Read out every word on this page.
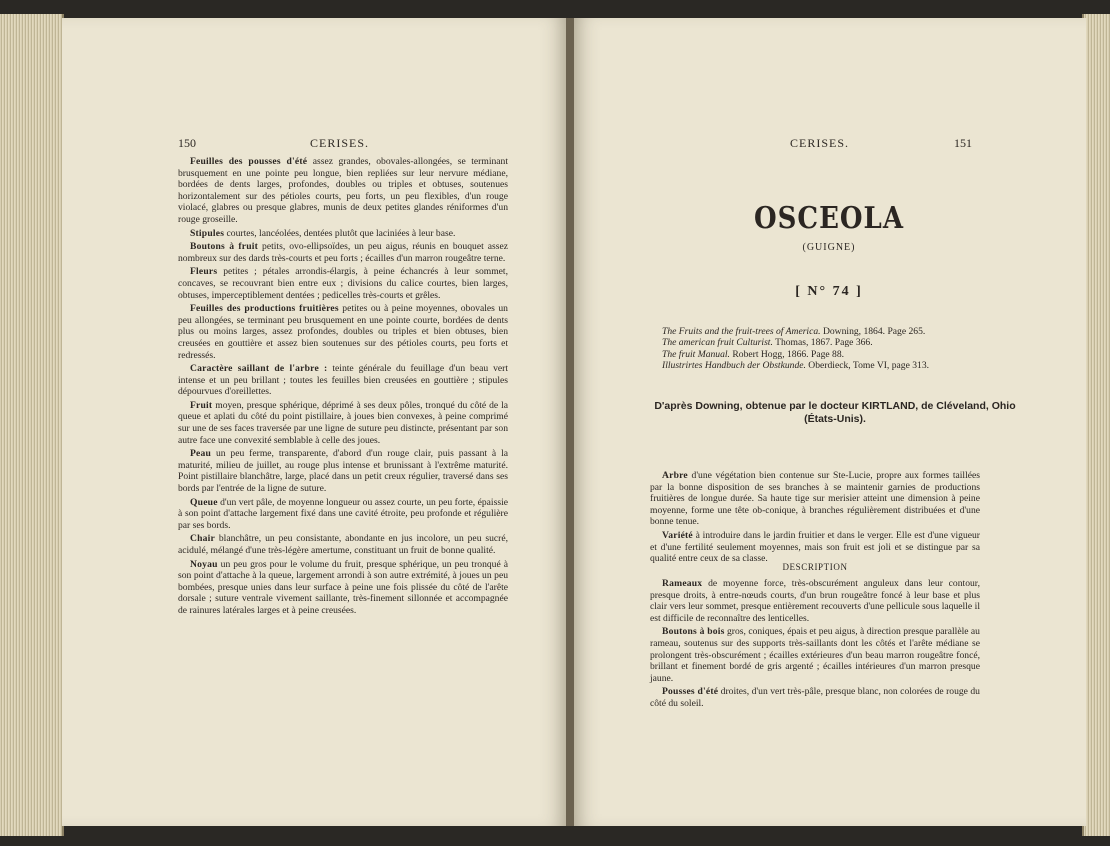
150	CERISES.

Feuilles des pousses d'été assez grandes, obovales-allongées, se terminant brusquement en une pointe peu longue, bien repliées sur leur nervure médiane, bordées de dents larges, profondes, doubles ou triples et obtuses, soutenues horizontalement sur des pétioles courts, peu forts, un peu flexibles, d'un rouge violacé, glabres ou presque glabres, munis de deux petites glandes réniformes d'un rouge groseille.

Stipules courtes, lancéolées, dentées plutôt que laciniées à leur base.

Boutons à fruit petits, ovo-ellipsoïdes, un peu aigus, réunis en bouquet assez nombreux sur des dards très-courts et peu forts ; écailles d'un marron rougeâtre terne.

Fleurs petites ; pétales arrondis-élargis, à peine échancrés à leur sommet, concaves, se recouvrant bien entre eux ; divisions du calice courtes, bien larges, obtuses, imperceptiblement dentées ; pedicelles très-courts et grêles.

Feuilles des productions fruitières petites ou à peine moyennes, obovales un peu allongées, se terminant peu brusquement en une pointe courte, bordées de dents plus ou moins larges, assez profondes, doubles ou triples et bien obtuses, bien creusées en gouttière et assez bien soutenues sur des pétioles courts, peu forts et redressés.

Caractère saillant de l'arbre : teinte générale du feuillage d'un beau vert intense et un peu brillant ; toutes les feuilles bien creusées en gouttière ; stipules dépourvues d'oreillettes.

Fruit moyen, presque sphérique, déprimé à ses deux pôles, tronqué du côté de la queue et aplati du côté du point pistillaire, à joues bien convexes, à peine comprimé sur une de ses faces traversée par une ligne de suture peu distincte, présentant par son autre face une convexité semblable à celle des joues.

Peau un peu ferme, transparente, d'abord d'un rouge clair, puis passant à la maturité, milieu de juillet, au rouge plus intense et brunissant à l'extrême maturité. Point pistillaire blanchâtre, large, placé dans un petit creux régulier, traversé dans ses bords par l'entrée de la ligne de suture.

Queue d'un vert pâle, de moyenne longueur ou assez courte, un peu forte, épaissie à son point d'attache largement fixé dans une cavité étroite, peu profonde et régulière par ses bords.

Chair blanchâtre, un peu consistante, abondante en jus incolore, un peu sucré, acidulé, mélangé d'une très-légère amertume, constituant un fruit de bonne qualité.

Noyau un peu gros pour le volume du fruit, presque sphérique, un peu tronqué à son point d'attache à la queue, largement arrondi à son autre extrémité, à joues un peu bombées, presque unies dans leur surface à peine une fois plissée du côté de l'arête dorsale ; suture ventrale vivement saillante, très-finement sillonnée et accompagnée de rainures latérales larges et à peine creusées.

CERISES.	151
OSCEOLA
(GUIGNE)
[ N° 74 ]
The Fruits and the fruit-trees of America. Downing, 1864. Page 265.
The american fruit Culturist. Thomas, 1867. Page 366.
The fruit Manual. Robert Hogg, 1866. Page 88.
Illustrirtes Handbuch der Obstkunde. Oberdieck, Tome VI, page 313.
D'après Downing, obtenue par le docteur KIRTLAND, de Cléveland, Ohio (États-Unis).

Arbre d'une végétation bien contenue sur Ste-Lucie, propre aux formes taillées par la bonne disposition de ses branches à se maintenir garnies de productions fruitières de longue durée. Sa haute tige sur merisier atteint une dimension à peine moyenne, forme une tête ob-conique, à branches régulièrement distribuées et d'une bonne tenue.

Variété à introduire dans le jardin fruitier et dans le verger. Elle est d'une vigueur et d'une fertilité seulement moyennes, mais son fruit est joli et se distingue par sa qualité entre ceux de sa classe.

DESCRIPTION

Rameaux de moyenne force, très-obscurément anguleux dans leur contour, presque droits, à entre-nœuds courts, d'un brun rougeâtre foncé à leur base et plus clair vers leur sommet, presque entièrement recouverts d'une pellicule sous laquelle il est difficile de reconnaître des lenticelles.

Boutons à bois gros, coniques, épais et peu aigus, à direction presque parallèle au rameau, soutenus sur des supports très-saillants dont les côtés et l'arête médiane se prolongent très-obscurément ; écailles extérieures d'un beau marron rougeâtre foncé, brillant et finement bordé de gris argenté ; écailles intérieures d'un marron presque jaune.

Pousses d'été droites, d'un vert très-pâle, presque blanc, non colorées de rouge du côté du soleil.
